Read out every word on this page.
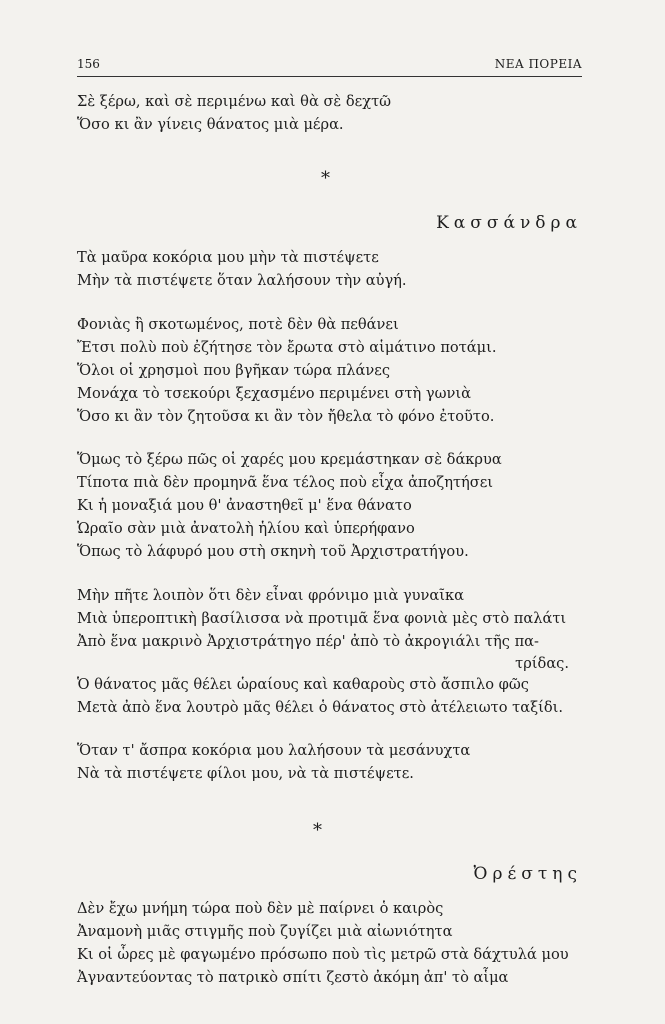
156	ΝΕΑ ΠΟΡΕΙΑ
Σὲ ξέρω, καὶ σὲ περιμένω καὶ θὰ σὲ δεχτῶ
Ὅσο κι ἂν γίνεις θάνατος μιὰ μέρα.
*
Κασσάνδρα
Τὰ μαῦρα κοκόρια μου μὴν τὰ πιστέψετε
Μὴν τὰ πιστέψετε ὅταν λαλήσουν τὴν αὐγή.
Φονιὰς ἢ σκοτωμένος, ποτὲ δὲν θὰ πεθάνει
Ἔτσι πολὺ ποὺ ἐζήτησε τὸν ἔρωτα στὸ αἱμάτινο ποτάμι.
Ὅλοι οἱ χρησμοὶ που βγῆκαν τώρα πλάνες
Μονάχα τὸ τσεκούρι ξεχασμένο περιμένει στὴ γωνιὰ
Ὅσο κι ἂν τὸν ζητοῦσα κι ἂν τὸν ἤθελα τὸ φόνο ἐτοῦτο.
Ὅμως τὸ ξέρω πῶς οἱ χαρές μου κρεμάστηκαν σὲ δάκρυα
Τίποτα πιὰ δὲν προμηνᾶ ἕνα τέλος ποὺ εἶχα ἀποζητήσει
Κι ἡ μοναξιά μου θ' ἀναστηθεῖ μ' ἕνα θάνατο
Ὡραῖο σὰν μιὰ ἀνατολὴ ἡλίου καὶ ὑπερήφανο
Ὅπως τὸ λάφυρό μου στὴ σκηνὴ τοῦ Ἀρχιστρατήγου.
Μὴν πῆτε λοιπὸν ὅτι δὲν εἶναι φρόνιμο μιὰ γυναῖκα
Μιὰ ὑπεροπτικὴ βασίλισσα νὰ προτιμᾶ ἕνα φονιὰ μὲς στὸ παλάτι
Ἀπὸ ἕνα μακρινὸ Ἀρχιστράτηγο πέρ' ἀπὸ τὸ ἀκρογιάλι τῆς πα-
τρίδας.
Ὁ θάνατος μᾶς θέλει ὡραίους καὶ καθαροὺς στὸ ἄσπιλο φῶς
Μετὰ ἀπὸ ἕνα λουτρὸ μᾶς θέλει ὁ θάνατος στὸ ἀτέλειωτο ταξίδι.
Ὅταν τ' ἄσπρα κοκόρια μου λαλήσουν τὰ μεσάνυχτα
Νὰ τὰ πιστέψετε φίλοι μου, νὰ τὰ πιστέψετε.
*
Ὀρέστης
Δὲν ἔχω μνήμη τώρα ποὺ δὲν μὲ παίρνει ὁ καιρὸς
Ἀναμονὴ μιᾶς στιγμῆς ποὺ ζυγίζει μιὰ αἰωνιότητα
Κι οἱ ὧρες μὲ φαγωμένο πρόσωπο ποὺ τὶς μετρῶ στὰ δάχτυλά μου
Ἀγναντεύοντας τὸ πατρικὸ σπίτι ζεστὸ ἀκόμη ἀπ' τὸ αἷμα
